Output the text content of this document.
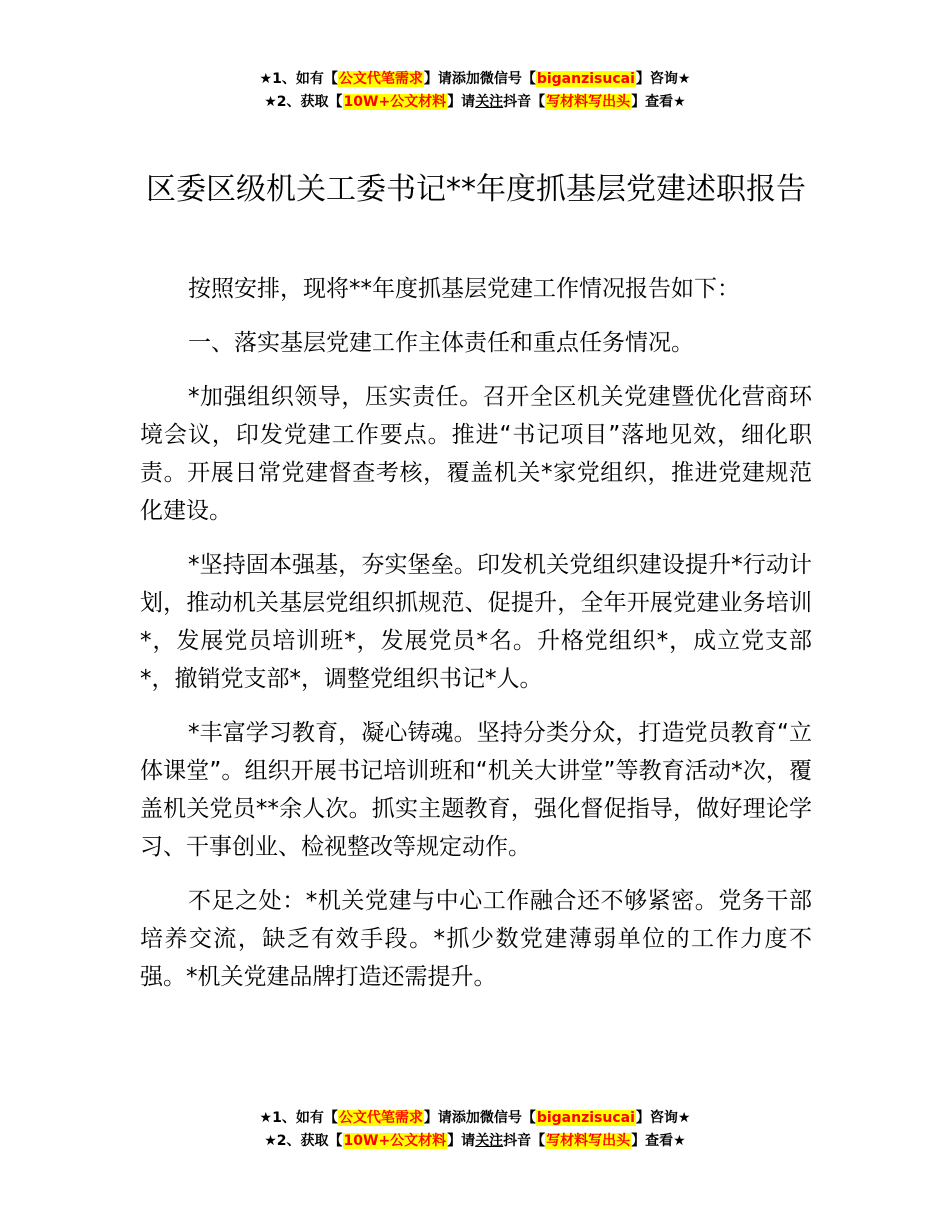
★1、如有【公文代笔需求】请添加微信号【biganzisucai】咨询★
★2、获取【10W+公文材料】请关注抖音【写材料写出头】查看★
区委区级机关工委书记**年度抓基层党建述职报告

按照安排，现将**年度抓基层党建工作情况报告如下：

一、落实基层党建工作主体责任和重点任务情况。

*加强组织领导，压实责任。召开全区机关党建暨优化营商环境会议，印发党建工作要点。推进“书记项目”落地见效，细化职责。开展日常党建督查考核，覆盖机关*家党组织，推进党建规范化建设。

*坚持固本强基，夯实堡垒。印发机关党组织建设提升*行动计划，推动机关基层党组织抓规范、促提升，全年开展党建业务培训*，发展党员培训班*，发展党员*名。升格党组织*，成立党支部*，撤销党支部*，调整党组织书记*人。

*丰富学习教育，凝心铸魂。坚持分类分众，打造党员教育“立体课堂”。组织开展书记培训班和“机关大讲堂”等教育活动*次，覆盖机关党员**余人次。抓实主题教育，强化督促指导，做好理论学习、干事创业、检视整改等规定动作。

不足之处：*机关党建与中心工作融合还不够紧密。党务干部培养交流，缺乏有效手段。*抓少数党建薄弱单位的工作力度不强。*机关党建品牌打造还需提升。

★1、如有【公文代笔需求】请添加微信号【biganzisucai】咨询★
★2、获取【10W+公文材料】请关注抖音【写材料写出头】查看★
